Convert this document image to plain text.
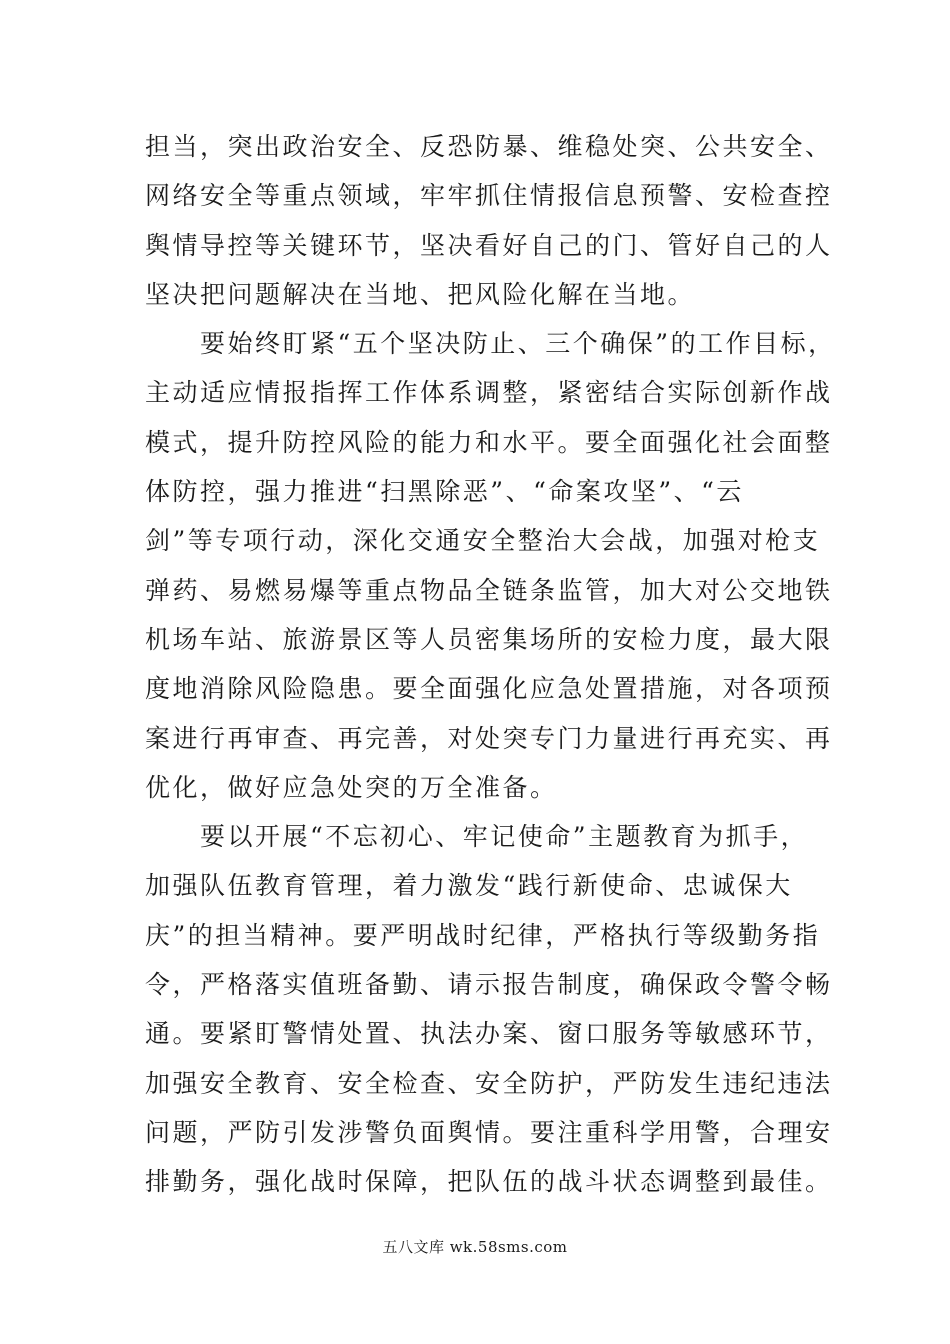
担当，突出政治安全、反恐防暴、维稳处突、公共安全、
网络安全等重点领域，牢牢抓住情报信息预警、安检查控
舆情导控等关键环节，坚决看好自己的门、管好自己的人
坚决把问题解决在当地、把风险化解在当地。
要始终盯紧“五个坚决防止、三个确保”的工作目标，
主动适应情报指挥工作体系调整，紧密结合实际创新作战
模式，提升防控风险的能力和水平。要全面强化社会面整
体防控，强力推进“扫黑除恶”、“命案攻坚”、“云
剑”等专项行动，深化交通安全整治大会战，加强对枪支
弹药、易燃易爆等重点物品全链条监管，加大对公交地铁
机场车站、旅游景区等人员密集场所的安检力度，最大限
度地消除风险隐患。要全面强化应急处置措施，对各项预
案进行再审查、再完善，对处突专门力量进行再充实、再
优化，做好应急处突的万全准备。
要以开展“不忘初心、牢记使命”主题教育为抓手，
加强队伍教育管理，着力激发“践行新使命、忠诚保大
庆”的担当精神。要严明战时纪律，严格执行等级勤务指
令，严格落实值班备勤、请示报告制度，确保政令警令畅
通。要紧盯警情处置、执法办案、窗口服务等敏感环节，
加强安全教育、安全检查、安全防护，严防发生违纪违法
问题，严防引发涉警负面舆情。要注重科学用警，合理安
排勤务，强化战时保障，把队伍的战斗状态调整到最佳。
五八文库 wk.58sms.com
